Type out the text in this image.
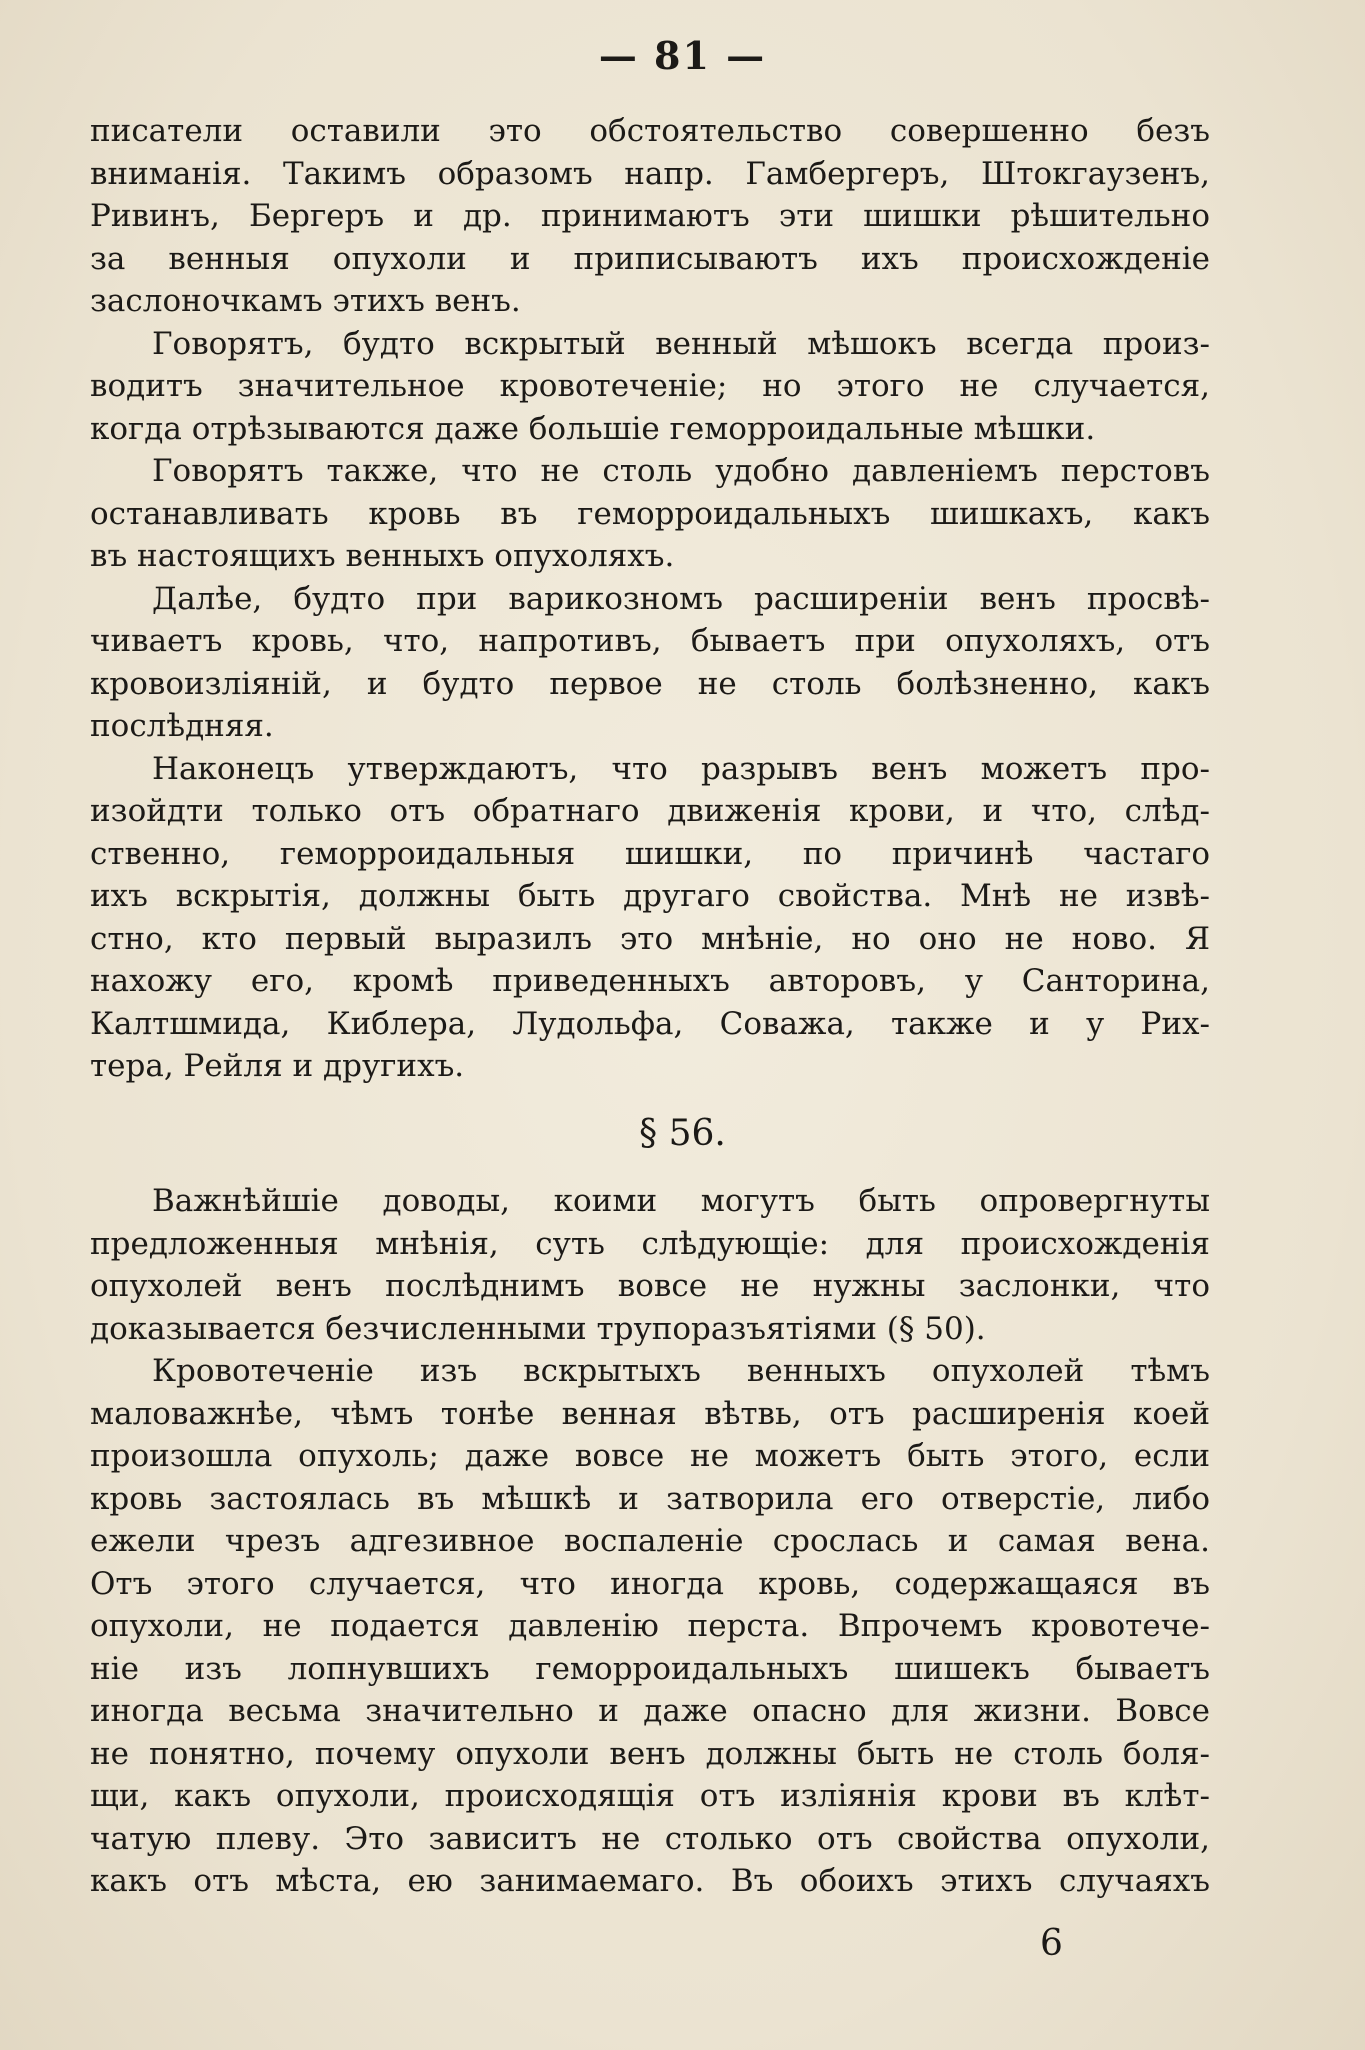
— 81 —
писатели оставили это обстоятельство совершенно безъ
вниманія. Такимъ образомъ напр. Гамбергеръ, Штокгаузенъ,
Ривинъ, Бергеръ и др. принимаютъ эти шишки рѣшительно
за венныя опухоли и приписываютъ ихъ происхожденіе
заслоночкамъ этихъ венъ.
Говорятъ, будто вскрытый венный мѣшокъ всегда произ-
водитъ значительное кровотеченіе; но этого не случается,
когда отрѣзываются даже большіе геморроидальные мѣшки.
Говорятъ также, что не столь удобно давленіемъ перстовъ
останавливать кровь въ геморроидальныхъ шишкахъ, какъ
въ настоящихъ венныхъ опухоляхъ.
Далѣе, будто при варикозномъ расширеніи венъ просвѣ-
чиваетъ кровь, что, напротивъ, бываетъ при опухоляхъ, отъ
кровоизліяній, и будто первое не столь болѣзненно, какъ
послѣдняя.
Наконецъ утверждаютъ, что разрывъ венъ можетъ про-
изойдти только отъ обратнаго движенія крови, и что, слѣд-
ственно, геморроидальныя шишки, по причинѣ частаго
ихъ вскрытія, должны быть другаго свойства. Мнѣ не извѣ-
стно, кто первый выразилъ это мнѣніе, но оно не ново. Я
нахожу его, кромѣ приведенныхъ авторовъ, у Санторина,
Калтшмида, Киблера, Лудольфа, Соважа, также и у Рих-
тера, Рейля и другихъ.
§ 56.
Важнѣйшіе доводы, коими могутъ быть опровергнуты
предложенныя мнѣнія, суть слѣдующіе: для происхожденія
опухолей венъ послѣднимъ вовсе не нужны заслонки, что
доказывается безчисленными трупоразъятіями (§ 50).
Кровотеченіе изъ вскрытыхъ венныхъ опухолей тѣмъ
маловажнѣе, чѣмъ тонѣе венная вѣтвь, отъ расширенія коей
произошла опухоль; даже вовсе не можетъ быть этого, если
кровь застоялась въ мѣшкѣ и затворила его отверстіе, либо
ежели чрезъ адгезивное воспаленіе срослась и самая вена.
Отъ этого случается, что иногда кровь, содержащаяся въ
опухоли, не подается давленію перста. Впрочемъ кровотече-
ніе изъ лопнувшихъ геморроидальныхъ шишекъ бываетъ
иногда весьма значительно и даже опасно для жизни. Вовсе
не понятно, почему опухоли венъ должны быть не столь боля-
щи, какъ опухоли, происходящія отъ изліянія крови въ клѣт-
чатую плеву. Это зависитъ не столько отъ свойства опухоли,
какъ отъ мѣста, ею занимаемаго. Въ обоихъ этихъ случаяхъ
6
